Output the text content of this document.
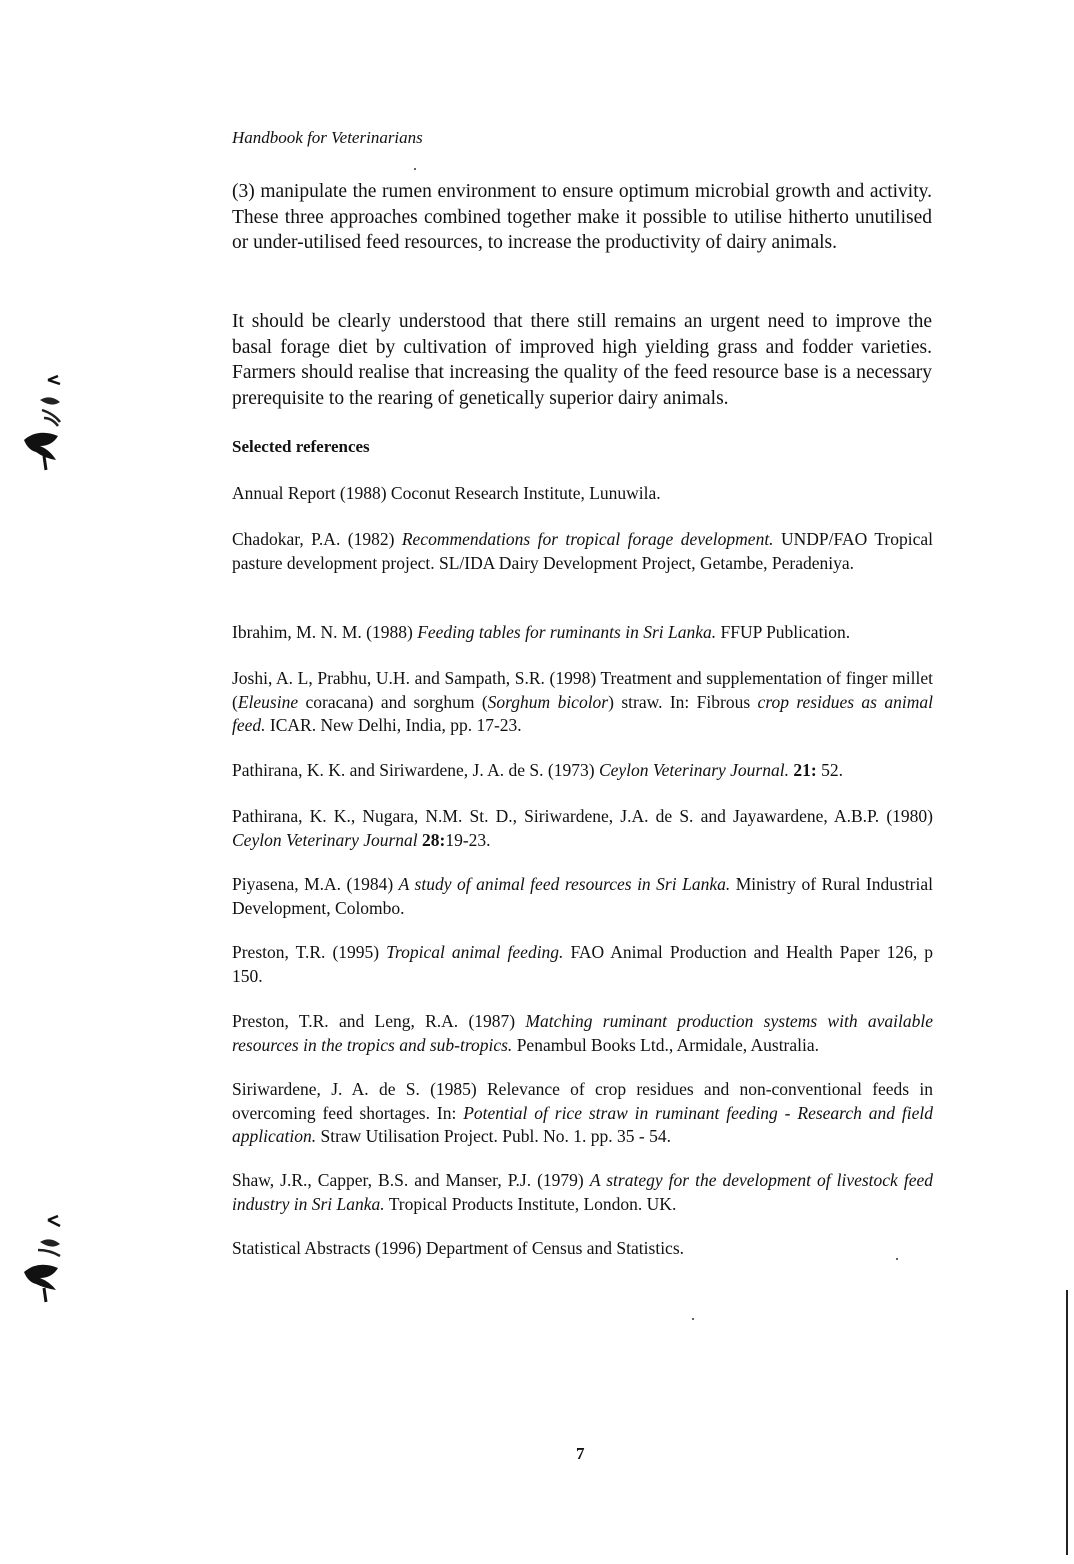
Handbook for Veterinarians

(3) manipulate the rumen environment to ensure optimum microbial growth and activity. These three approaches combined together make it possible to utilise hitherto unutilised or under-utilised feed resources, to increase the productivity of dairy animals.

It should be clearly understood that there still remains an urgent need to improve the basal forage diet by cultivation of improved high yielding grass and fodder varieties. Farmers should realise that increasing the quality of the feed resource base is a necessary prerequisite to the rearing of genetically superior dairy animals.

Selected references

Annual Report (1988) Coconut Research Institute, Lunuwila.

Chadokar, P.A. (1982) Recommendations for tropical forage development. UNDP/FAO Tropical pasture development project. SL/IDA Dairy Development Project, Getambe, Peradeniya.

Ibrahim, M. N. M. (1988) Feeding tables for ruminants in Sri Lanka. FFUP Publication.

Joshi, A. L, Prabhu, U.H. and Sampath, S.R. (1998) Treatment and supplementation of finger millet (Eleusine coracana) and sorghum (Sorghum bicolor) straw. In: Fibrous crop residues as animal feed. ICAR. New Delhi, India, pp. 17-23.

Pathirana, K. K. and Siriwardene, J. A. de S. (1973) Ceylon Veterinary Journal. 21: 52.

Pathirana, K. K., Nugara, N.M. St. D., Siriwardene, J.A. de S. and Jayawardene, A.B.P. (1980) Ceylon Veterinary Journal 28:19-23.

Piyasena, M.A. (1984) A study of animal feed resources in Sri Lanka. Ministry of Rural Industrial Development, Colombo.

Preston, T.R. (1995) Tropical animal feeding. FAO Animal Production and Health Paper 126, p 150.

Preston, T.R. and Leng, R.A. (1987) Matching ruminant production systems with available resources in the tropics and sub-tropics. Penambul Books Ltd., Armidale, Australia.

Siriwardene, J. A. de S. (1985) Relevance of crop residues and non-conventional feeds in overcoming feed shortages. In: Potential of rice straw in ruminant feeding - Research and field application. Straw Utilisation Project. Publ. No. 1. pp. 35 - 54.

Shaw, J.R., Capper, B.S. and Manser, P.J. (1979) A strategy for the development of livestock feed industry in Sri Lanka. Tropical Products Institute, London. UK.

Statistical Abstracts (1996) Department of Census and Statistics.

7
